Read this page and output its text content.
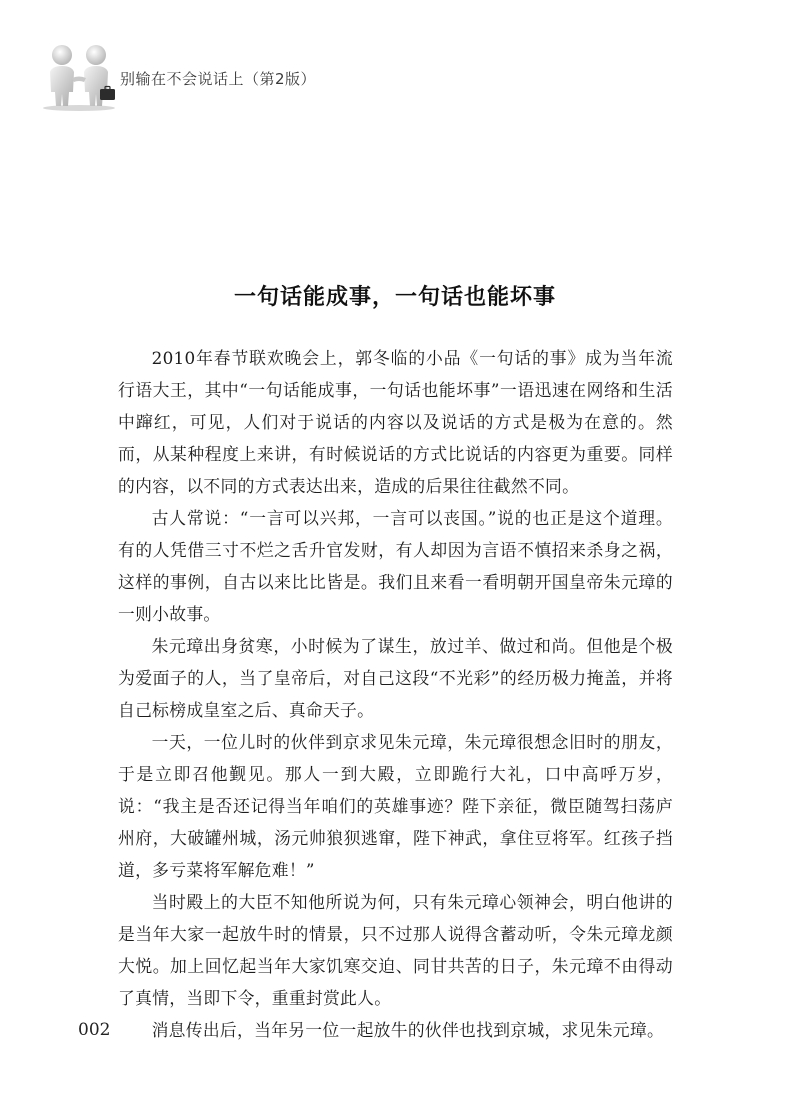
别输在不会说话上（第2版）
一句话能成事，一句话也能坏事

2010年春节联欢晚会上，郭冬临的小品《一句话的事》成为当年流行语大王，其中“一句话能成事，一句话也能坏事”一语迅速在网络和生活中蹿红，可见，人们对于说话的内容以及说话的方式是极为在意的。然而，从某种程度上来讲，有时候说话的方式比说话的内容更为重要。同样的内容，以不同的方式表达出来，造成的后果往往截然不同。

古人常说：“一言可以兴邦，一言可以丧国。”说的也正是这个道理。有的人凭借三寸不烂之舌升官发财，有人却因为言语不慎招来杀身之祸，这样的事例，自古以来比比皆是。我们且来看一看明朝开国皇帝朱元璋的一则小故事。

朱元璋出身贫寒，小时候为了谋生，放过羊、做过和尚。但他是个极为爱面子的人，当了皇帝后，对自己这段“不光彩”的经历极力掩盖，并将自己标榜成皇室之后、真命天子。

一天，一位儿时的伙伴到京求见朱元璋，朱元璋很想念旧时的朋友，于是立即召他觐见。那人一到大殿，立即跪行大礼，口中高呼万岁，说：“我主是否还记得当年咱们的英雄事迹？陛下亲征，微臣随驾扫荡庐州府，大破罐州城，汤元帅狼狈逃窜，陛下神武，拿住豆将军。红孩子挡道，多亏菜将军解危难！”

当时殿上的大臣不知他所说为何，只有朱元璋心领神会，明白他讲的是当年大家一起放牛时的情景，只不过那人说得含蓄动听，令朱元璋龙颜大悦。加上回忆起当年大家饥寒交迫、同甘共苦的日子，朱元璋不由得动了真情，当即下令，重重封赏此人。

消息传出后，当年另一位一起放牛的伙伴也找到京城，求见朱元璋。

002
